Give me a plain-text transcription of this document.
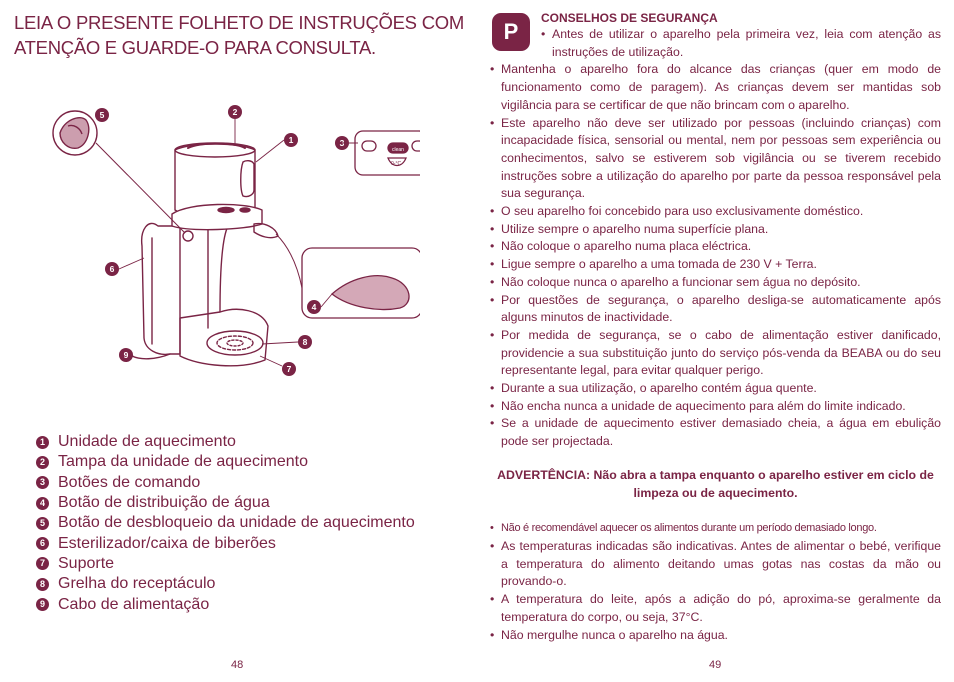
LEIA O PRESENTE FOLHETO DE INSTRUÇÕES COM ATENÇÃO E GUARDE-O PARA CONSULTA.
clean
0-°C
2
1	3
4
5
6
7
8
9
1 Unidade de aquecimento
2 Tampa da unidade de aquecimento
3 Botões de comando
4 Botão de distribuição de água
5 Botão de desbloqueio da unidade de aquecimento
6 Esterilizador/caixa de biberões
7 Suporte
8 Grelha do receptáculo
9 Cabo de alimentação
48
P
CONSELHOS DE SEGURANÇA
• Antes de utilizar o aparelho pela primeira vez, leia com atenção as instruções de utilização.
• Mantenha o aparelho fora do alcance das crianças (quer em modo de funcionamento como de paragem). As crianças devem ser mantidas sob vigilância para se certificar de que não brincam com o aparelho.
• Este aparelho não deve ser utilizado por pessoas (incluindo crianças) com incapacidade física, sensorial ou mental, nem por pessoas sem experiência ou conhecimentos, salvo se estiverem sob vigilância ou se tiverem recebido instruções sobre a utilização do aparelho por parte da pessoa responsável pela sua segurança.
• O seu aparelho foi concebido para uso exclusivamente doméstico.
• Utilize sempre o aparelho numa superfície plana.
• Não coloque o aparelho numa placa eléctrica.
• Ligue sempre o aparelho a uma tomada de 230 V + Terra.
• Não coloque nunca o aparelho a funcionar sem água no depósito.
• Por questões de segurança, o aparelho desliga-se automaticamente após alguns minutos de inactividade.
• Por medida de segurança, se o cabo de alimentação estiver danificado, providencie a sua substituição junto do serviço pós-venda da BEABA ou do seu representante legal, para evitar qualquer perigo.
• Durante a sua utilização, o aparelho contém água quente.
• Não encha nunca a unidade de aquecimento para além do limite indicado.
• Se a unidade de aquecimento estiver demasiado cheia, a água em ebulição pode ser projectada.
ADVERTÊNCIA: Não abra a tampa enquanto o aparelho estiver em ciclo de limpeza ou de aquecimento.
• Não é recomendável aquecer os alimentos durante um período demasiado longo.
• As temperaturas indicadas são indicativas. Antes de alimentar o bebé, verifique a temperatura do alimento deitando umas gotas nas costas da mão ou provando-o.
• A temperatura do leite, após a adição do pó, aproxima-se geralmente da temperatura do corpo, ou seja, 37°C.
• Não mergulhe nunca o aparelho na água.
49
